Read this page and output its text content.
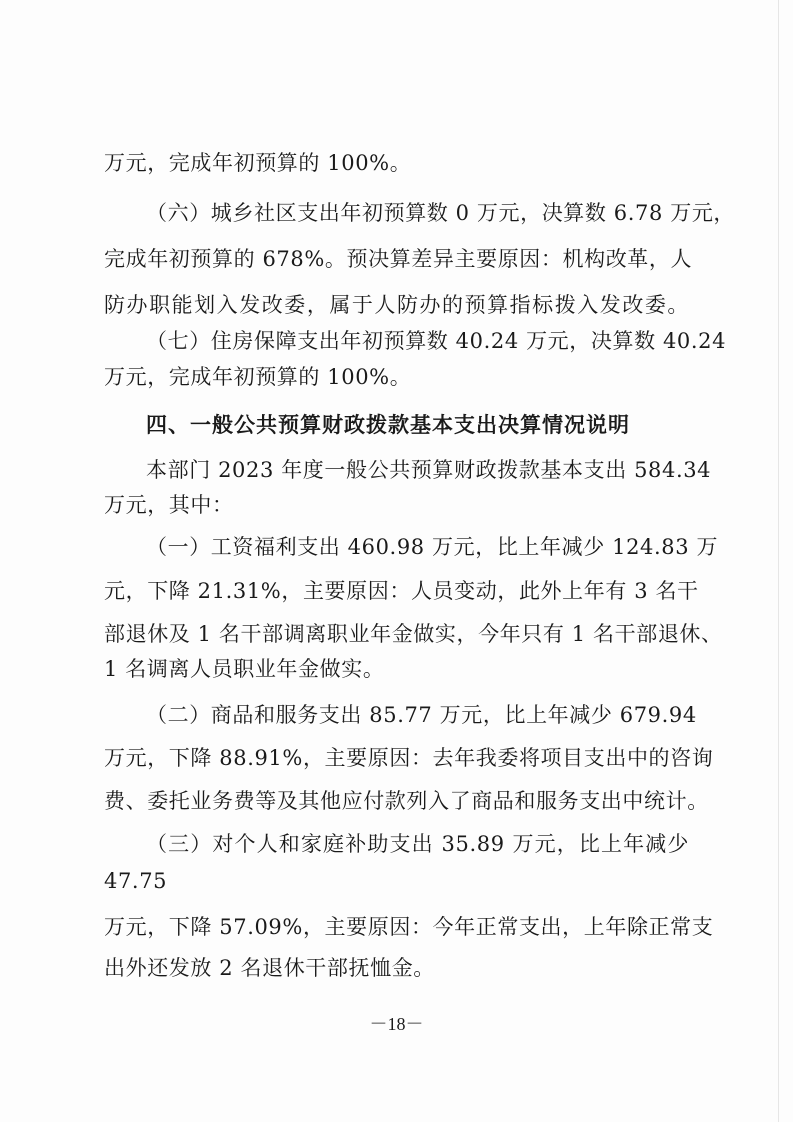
万元，完成年初预算的 100%。
（六）城乡社区支出年初预算数 0 万元，决算数 6.78 万元，
完成年初预算的 678%。预决算差异主要原因：机构改革，人
防办职能划入发改委，属于人防办的预算指标拨入发改委。
（七）住房保障支出年初预算数 40.24 万元，决算数 40.24
万元，完成年初预算的 100%。
四、一般公共预算财政拨款基本支出决算情况说明
本部门 2023 年度一般公共预算财政拨款基本支出 584.34
万元，其中：
（一）工资福利支出 460.98 万元，比上年减少 124.83 万
元，下降 21.31%，主要原因：人员变动，此外上年有 3 名干
部退休及 1 名干部调离职业年金做实，今年只有 1 名干部退休、
1 名调离人员职业年金做实。
（二）商品和服务支出 85.77 万元，比上年减少 679.94
万元，下降 88.91%，主要原因：去年我委将项目支出中的咨询
费、委托业务费等及其他应付款列入了商品和服务支出中统计。
（三）对个人和家庭补助支出 35.89 万元，比上年减少
47.75
万元，下降 57.09%，主要原因：今年正常支出，上年除正常支
出外还发放 2 名退休干部抚恤金。
－18－
